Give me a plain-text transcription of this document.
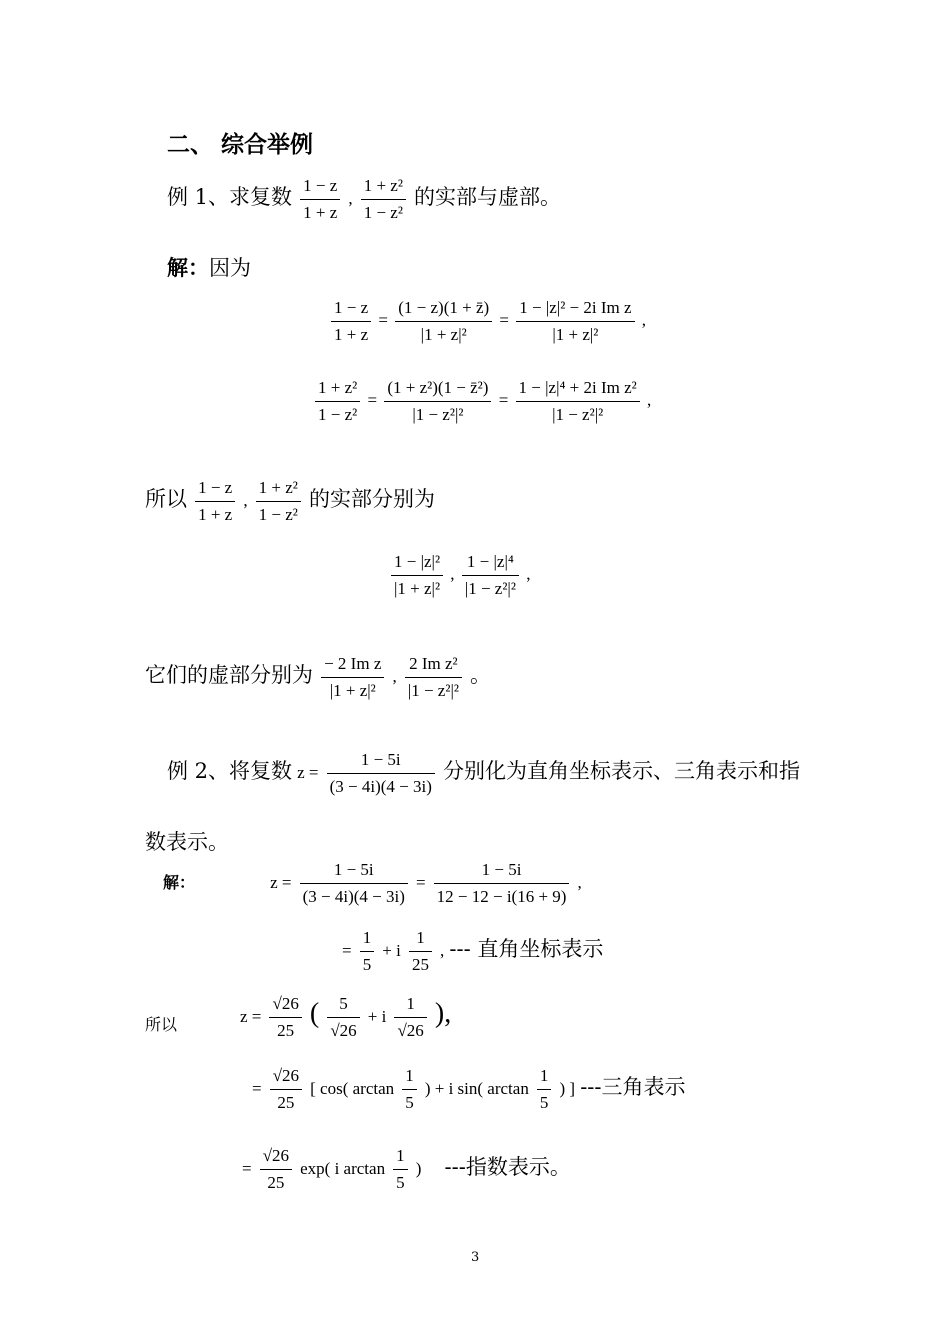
二、 综合举例
例 1、求复数 $\frac{1 - z}{1 + z}$ , $\frac{\text{1 + z²}}{\text{1 − z²}}$ 的实部与虚部。
解：因为
$\frac{1 - z}{1 + z} = \frac{(1 - z)(1 + z̄)}{\text{|1 + z|²}} = \frac{\text{1 − |z|² − 2i Im z}}{\text{|1 + z|²}}$ ,
$\frac{\text{1 + z²}}{\text{1 − z²}} = \frac{\text{(1 + z²)(1 − z̄²)}}{\text{|1 − z²|²}} = \frac{\text{1 − |z|⁴ + 2i Im z²}}{\text{|1 − z²|²}}$ ,
所以 $\frac{1 - z}{1 + z}$ , $\frac{\text{1 + z²}}{\text{1 − z²}}$ 的实部分别为
$\frac{\text{1 − |z|²}}{\text{|1 + z|²}}$ , $\frac{\text{1 − |z|⁴}}{\text{|1 − z²|²}}$ ,
它们的虚部分别为 $\frac{\text{− 2 Im z}}{\text{|1 + z|²}}$ , $\frac{\text{2 Im z²}}{\text{|1 − z²|²}}$ 。
例 2、将复数 $z = \frac{1 - 5i}{(3 - 4i)(4 - 3i)}$ 分别化为直角坐标表示、三角表示和指
数表示。
解：	$z = \frac{1 - 5i}{(3 - 4i)(4 - 3i)} = \frac{1 - 5i}{12 - 12 - i(16 + 9)}$ ,
= $\frac{1}{5} + i \frac{1}{25}$ , --- 直角坐标表示
所以	$z = \frac{√26}{25}$ ( $\frac{5}{√26} + i \frac{1}{√26}$ ),
= $\frac{√26}{25}$ [ cos( $\arctan \frac{1}{5}$ ) + i sin( $\arctan \frac{1}{5}$ ) ] ---三角表示
= $\frac{√26}{25} \exp$( i $\arctan \frac{1}{5}$ ) ---指数表示。
3
